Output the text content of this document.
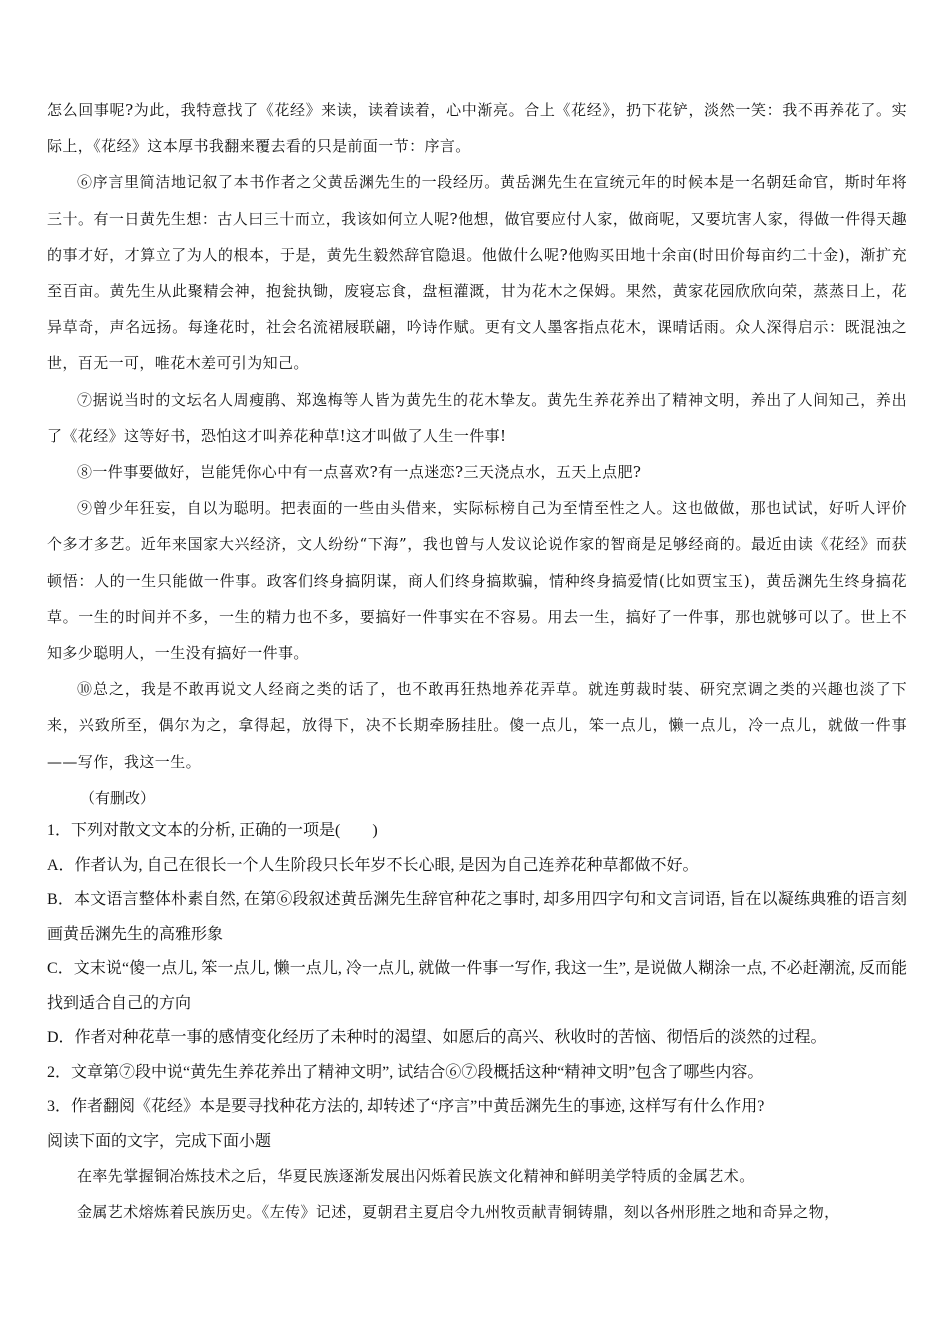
怎么回事呢?为此，我特意找了《花经》来读，读着读着，心中渐亮。合上《花经》，扔下花铲，淡然一笑：我不再养花了。实际上，《花经》这本厚书我翻来覆去看的只是前面一节：序言。

⑥序言里简洁地记叙了本书作者之父黄岳渊先生的一段经历。黄岳渊先生在宣统元年的时候本是一名朝廷命官，斯时年将三十。有一日黄先生想：古人曰三十而立，我该如何立人呢?他想，做官要应付人家，做商呢，又要坑害人家，得做一件得天趣的事才好，才算立了为人的根本，于是，黄先生毅然辞官隐退。他做什么呢?他购买田地十余亩(时田价每亩约二十金)，渐扩充至百亩。黄先生从此聚精会神，抱瓮执锄，废寝忘食，盘桓灌溉，甘为花木之保姆。果然，黄家花园欣欣向荣，蒸蒸日上，花异草奇，声名远扬。每逢花时，社会名流裙屐联翩，吟诗作赋。更有文人墨客指点花木，课晴话雨。众人深得启示：既混浊之世，百无一可，唯花木差可引为知己。

⑦据说当时的文坛名人周瘦鹃、郑逸梅等人皆为黄先生的花木挚友。黄先生养花养出了精神文明，养出了人间知己，养出了《花经》这等好书，恐怕这才叫养花种草!这才叫做了人生一件事!

⑧一件事要做好，岂能凭你心中有一点喜欢?有一点迷恋?三天浇点水，五天上点肥?

⑨曾少年狂妄，自以为聪明。把表面的一些由头借来，实际标榜自己为至情至性之人。这也做做，那也试试，好听人评价个多才多艺。近年来国家大兴经济，文人纷纷“下海”，我也曾与人发议论说作家的智商是足够经商的。最近由读《花经》而获顿悟：人的一生只能做一件事。政客们终身搞阴谋，商人们终身搞欺骗，情种终身搞爱情(比如贾宝玉)，黄岳渊先生终身搞花草。一生的时间并不多，一生的精力也不多，要搞好一件事实在不容易。用去一生，搞好了一件事，那也就够可以了。世上不知多少聪明人，一生没有搞好一件事。

⑩总之，我是不敢再说文人经商之类的话了，也不敢再狂热地养花弄草。就连剪裁时装、研究烹调之类的兴趣也淡了下来，兴致所至，偶尔为之，拿得起，放得下，决不长期牵肠挂肚。傻一点儿，笨一点儿，懒一点儿，冷一点儿，就做一件事——写作，我这一生。

（有删改）

1．下列对散文文本的分析, 正确的一项是(　　)

A．作者认为, 自己在很长一个人生阶段只长年岁不长心眼, 是因为自己连养花种草都做不好。

B．本文语言整体朴素自然, 在第⑥段叙述黄岳渊先生辞官种花之事时, 却多用四字句和文言词语, 旨在以凝练典雅的语言刻画黄岳渊先生的高雅形象

C．文末说“傻一点儿, 笨一点儿, 懒一点儿, 冷一点儿, 就做一件事一写作, 我这一生”, 是说做人糊涂一点, 不必赶潮流, 反而能找到适合自己的方向

D．作者对种花草一事的感情变化经历了未种时的渴望、如愿后的高兴、秋收时的苦恼、彻悟后的淡然的过程。

2．文章第⑦段中说“黄先生养花养出了精神文明”, 试结合⑥⑦段概括这种“精神文明”包含了哪些内容。

3．作者翻阅《花经》本是要寻找种花方法的, 却转述了“序言”中黄岳渊先生的事迹, 这样写有什么作用?

阅读下面的文字，完成下面小题

在率先掌握铜冶炼技术之后，华夏民族逐渐发展出闪烁着民族文化精神和鲜明美学特质的金属艺术。

金属艺术熔炼着民族历史。《左传》记述，夏朝君主夏启令九州牧贡献青铜铸鼎，刻以各州形胜之地和奇异之物，
